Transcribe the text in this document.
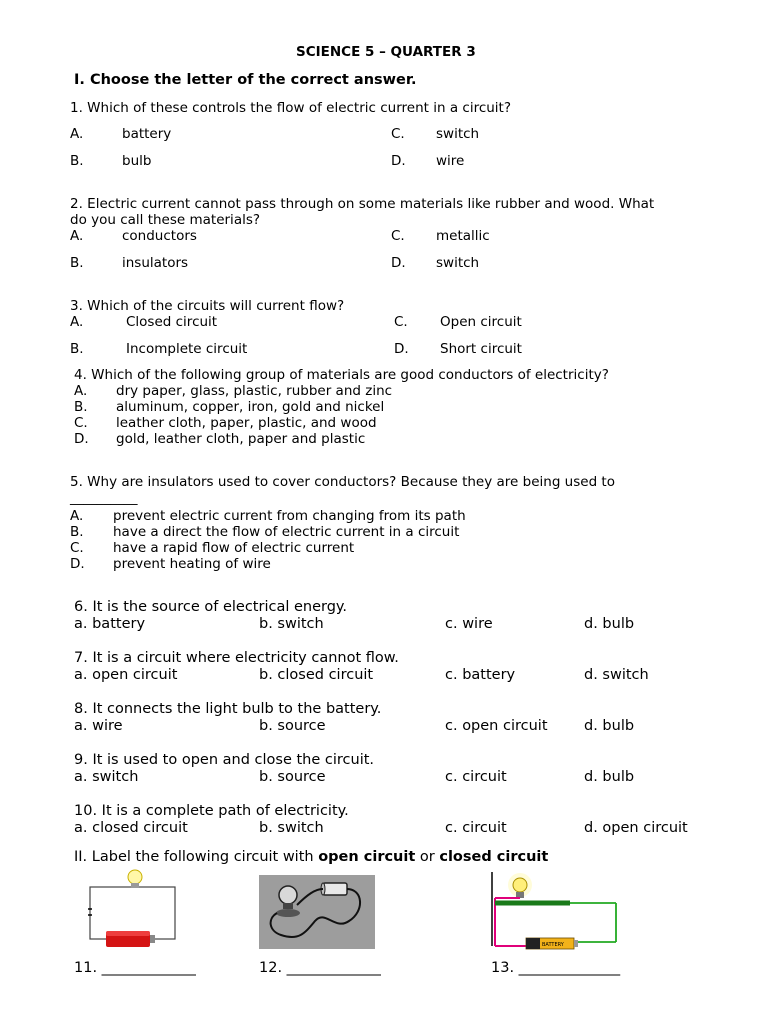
SCIENCE 5 – QUARTER 3
I. Choose the letter of the correct answer.
1. Which of these controls the flow of electric current in a circuit?
A.	battery
B.	bulb
C. switch
D. wire
2. Electric current cannot pass through on some materials like rubber and wood. What
do you call these materials?
A.	conductors
B.	insulators
C. metallic
D. switch
3. Which of the circuits will current flow?
A.	Closed circuit
B.	Incomplete circuit
C. Open circuit
D. Short circuit
4. Which of the following group of materials are good conductors of electricity?
A. dry paper, glass, plastic, rubber and zinc
B. aluminum, copper, iron, gold and nickel
C. leather cloth, paper, plastic, and wood
D. gold, leather cloth, paper and plastic
5. Why are insulators used to cover conductors? Because they are being used to
__________
A. prevent electric current from changing from its path
B. have a direct the flow of electric current in a circuit
C. have a rapid flow of electric current
D. prevent heating of wire
6. It is the source of electrical energy.
a. battery	b. switch	c. wire	d. bulb
7. It is a circuit where electricity cannot flow.
a. open circuit	b. closed circuit	c. battery	d. switch
8. It connects the light bulb to the battery.
a. wire	b. source	c. open circuit	d. bulb
9. It is used to open and close the circuit.
a. switch	b. source	c. circuit	d. bulb
10. It is a complete path of electricity.
a. closed circuit	b. switch	c. circuit	d. open circuit
II. Label the following circuit with open circuit or closed circuit
BATTERY
11. _____________	12. _____________	13. ______________
